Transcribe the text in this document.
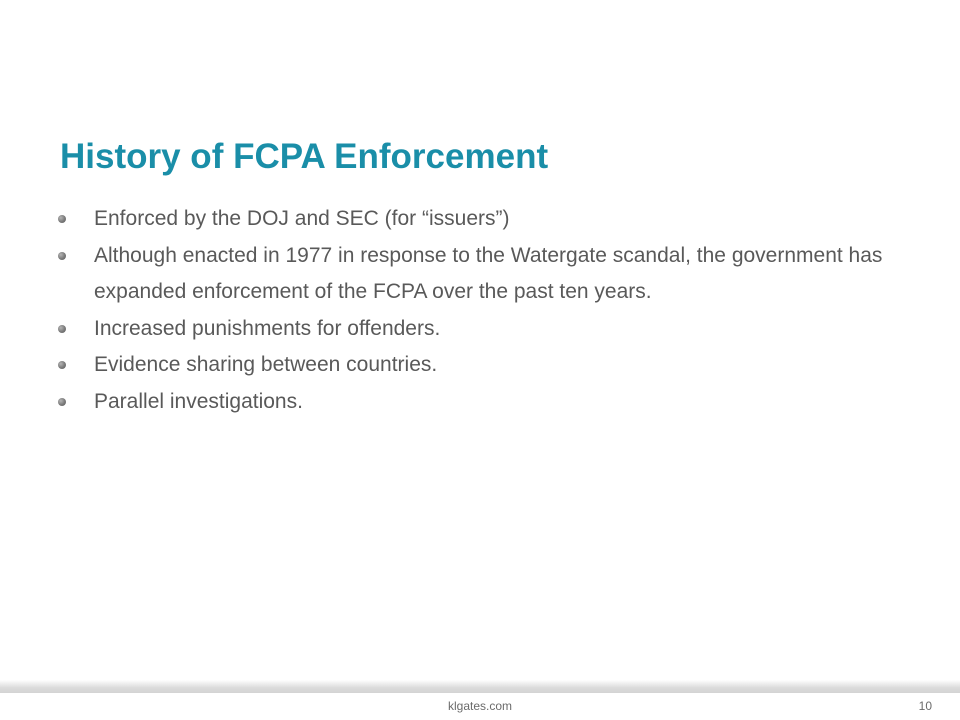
History of FCPA Enforcement
Enforced by the DOJ and SEC (for “issuers”)
Although enacted in 1977 in response to the Watergate scandal, the government has expanded enforcement of the FCPA over the past ten years.
Increased punishments for offenders.
Evidence sharing between countries.
Parallel investigations.
klgates.com	10
